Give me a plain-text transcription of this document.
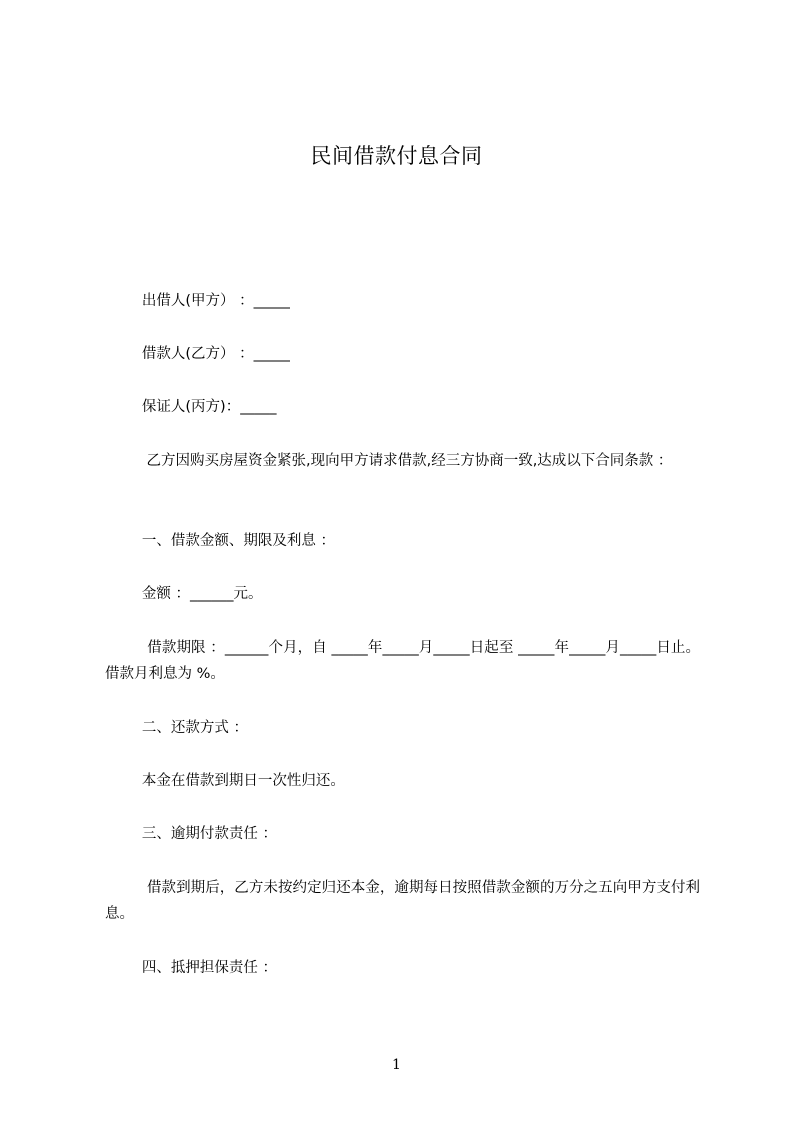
民间借款付息合同
出借人(甲方） ：_____
借款人(乙方） ：_____
保证人(丙方)：_____
乙方因购买房屋资金紧张,现向甲方请求借款,经三方协商一致,达成以下合同条款 ：
一、借款金额、期限及利息 ：
金额 ：______元。
借款期限 ：______个月，自 _____年_____月_____日起至 _____年_____月_____日止。借款月利息为 %。
二、还款方式 ：
本金在借款到期日一次性归还。
三、逾期付款责任 ：
借款到期后，乙方未按约定归还本金，逾期每日按照借款金额的万分之五向甲方支付利息。
四、抵押担保责任 ：
1
